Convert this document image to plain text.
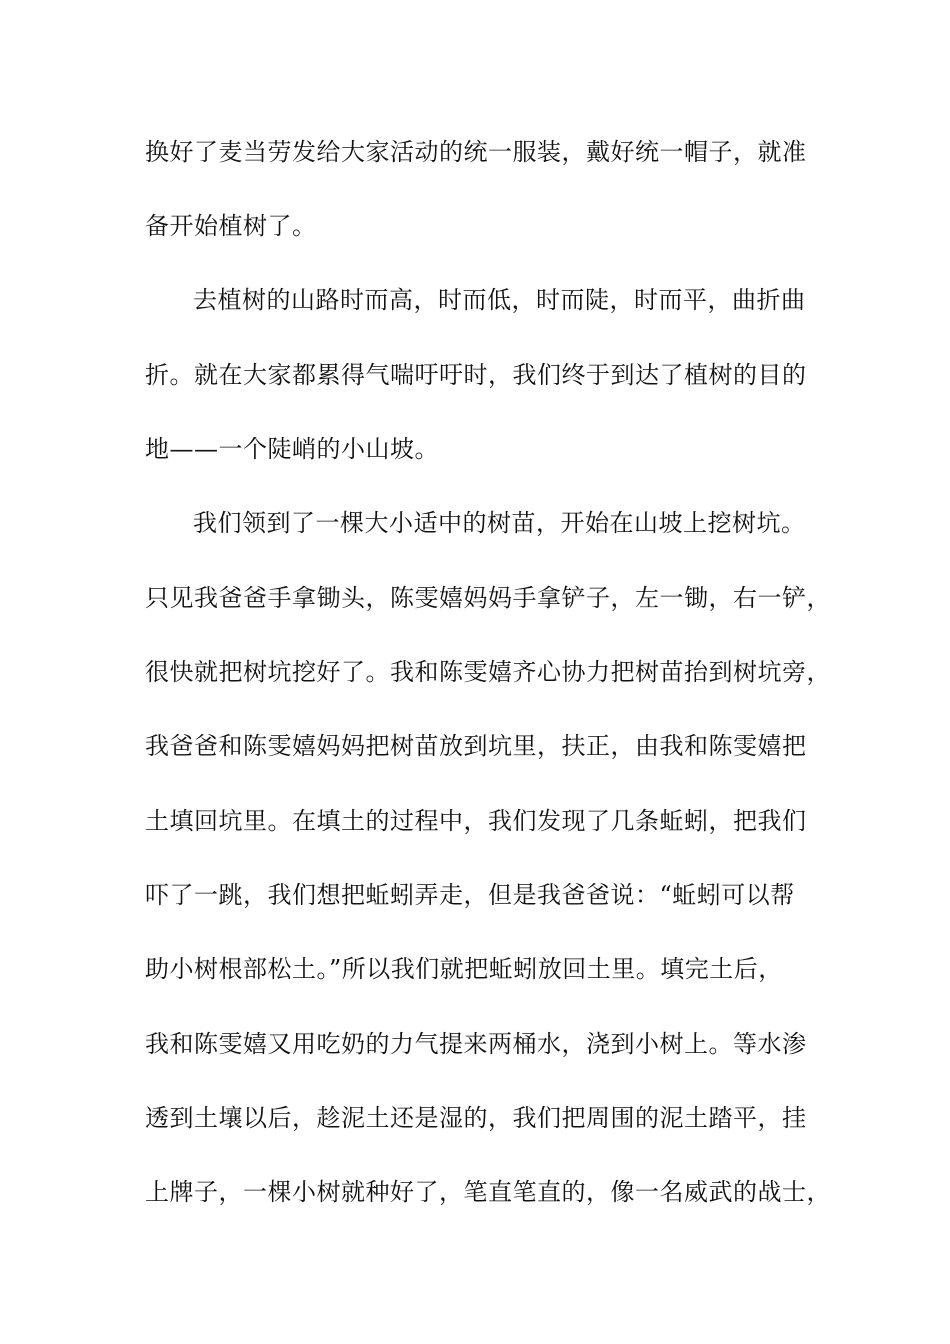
换好了麦当劳发给大家活动的统一服装，戴好统一帽子，就准
备开始植树了。
去植树的山路时而高，时而低，时而陡，时而平，曲折曲
折。就在大家都累得气喘吁吁时，我们终于到达了植树的目的
地——一个陡峭的小山坡。
我们领到了一棵大小适中的树苗，开始在山坡上挖树坑。
只见我爸爸手拿锄头，陈雯嬉妈妈手拿铲子，左一锄，右一铲，
很快就把树坑挖好了。我和陈雯嬉齐心协力把树苗抬到树坑旁，
我爸爸和陈雯嬉妈妈把树苗放到坑里，扶正，由我和陈雯嬉把
土填回坑里。在填土的过程中，我们发现了几条蚯蚓，把我们
吓了一跳，我们想把蚯蚓弄走，但是我爸爸说：“蚯蚓可以帮
助小树根部松土。”所以我们就把蚯蚓放回土里。填完土后，
我和陈雯嬉又用吃奶的力气提来两桶水，浇到小树上。等水渗
透到土壤以后，趁泥土还是湿的，我们把周围的泥土踏平，挂
上牌子，一棵小树就种好了，笔直笔直的，像一名威武的战士，
